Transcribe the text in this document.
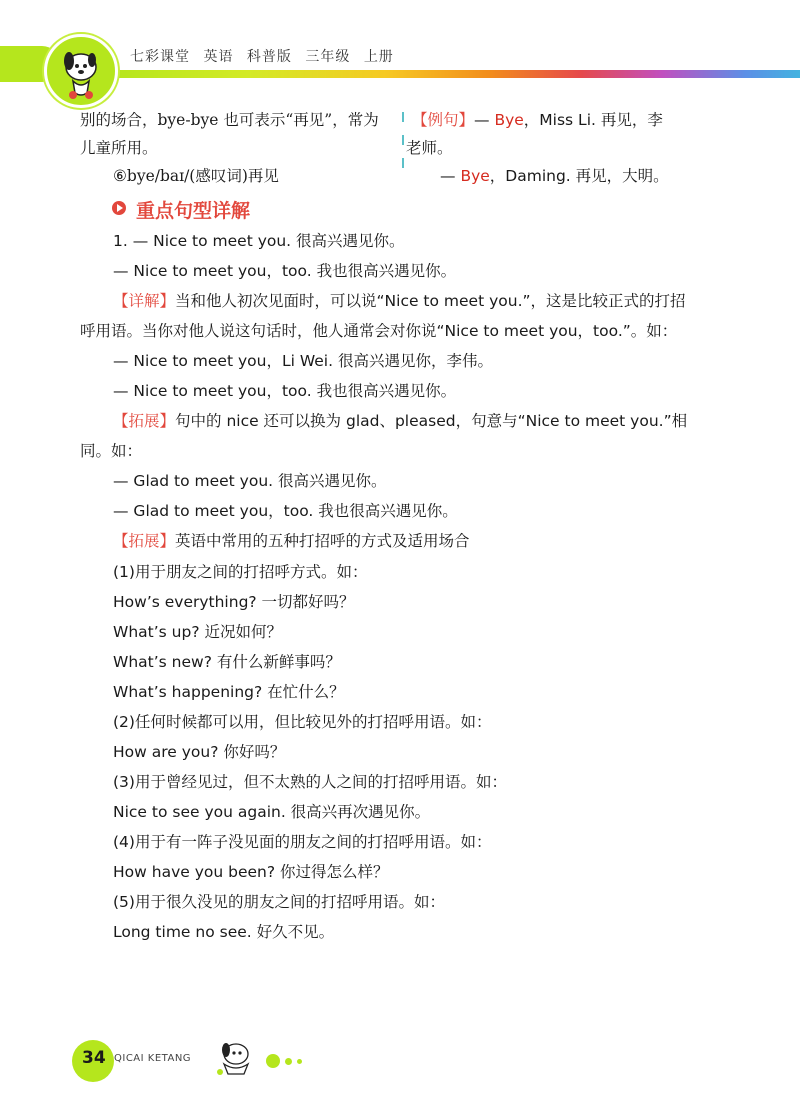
七彩课堂 英语 科普版 三年级 上册
别的场合，bye-bye 也可表示“再见”，常为
儿童所用。
⑥bye/baɪ/(感叹词)再见
【例句】— Bye，Miss Li. 再见，李
老师。
— Bye，Daming. 再见，大明。
重点句型详解
1. — Nice to meet you. 很高兴遇见你。
— Nice to meet you，too. 我也很高兴遇见你。
【详解】当和他人初次见面时，可以说“Nice to meet you.”，这是比较正式的打招
呼用语。当你对他人说这句话时，他人通常会对你说“Nice to meet you，too.”。如：
— Nice to meet you，Li Wei. 很高兴遇见你，李伟。
— Nice to meet you，too. 我也很高兴遇见你。
【拓展】句中的 nice 还可以换为 glad、pleased，句意与“Nice to meet you.”相
同。如：
— Glad to meet you. 很高兴遇见你。
— Glad to meet you，too. 我也很高兴遇见你。
【拓展】英语中常用的五种打招呼的方式及适用场合
(1)用于朋友之间的打招呼方式。如：
How’s everything? 一切都好吗？
What’s up? 近况如何？
What’s new? 有什么新鲜事吗？
What’s happening? 在忙什么？
(2)任何时候都可以用，但比较见外的打招呼用语。如：
How are you? 你好吗？
(3)用于曾经见过，但不太熟的人之间的打招呼用语。如：
Nice to see you again. 很高兴再次遇见你。
(4)用于有一阵子没见面的朋友之间的打招呼用语。如：
How have you been? 你过得怎么样？
(5)用于很久没见的朋友之间的打招呼用语。如：
Long time no see. 好久不见。
34 QICAI KETANG
